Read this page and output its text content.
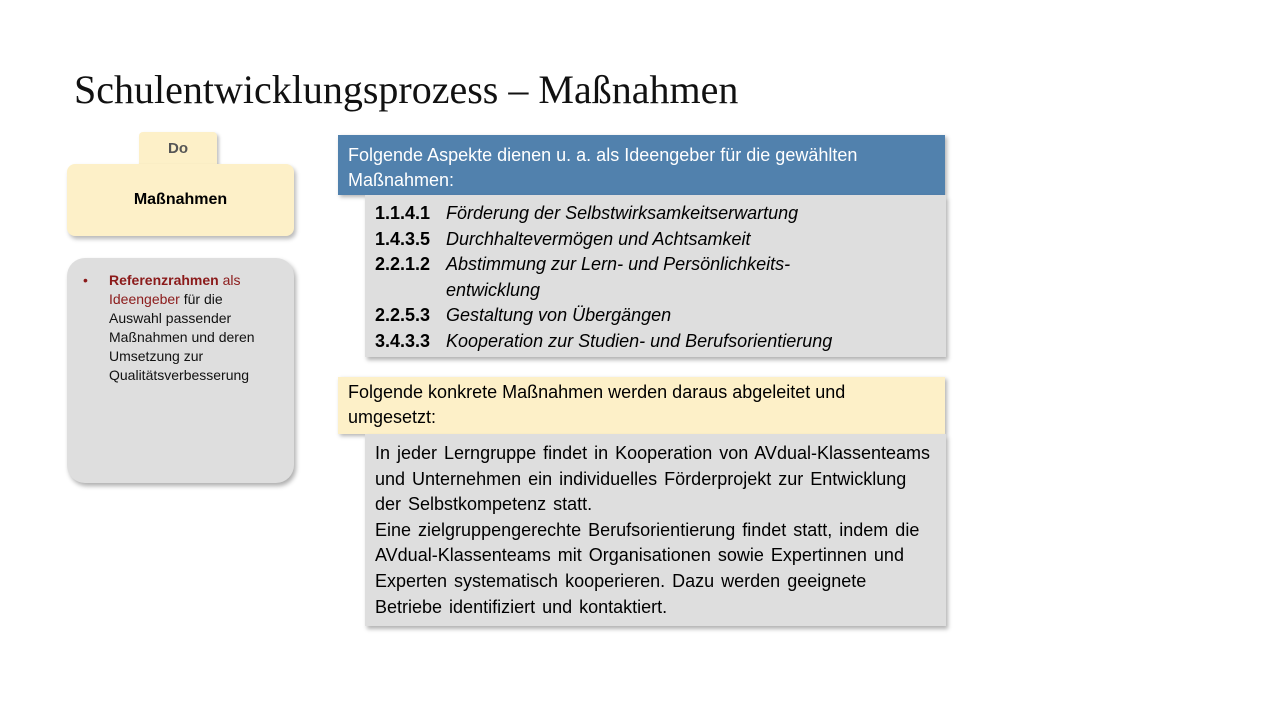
Schulentwicklungsprozess – Maßnahmen
Do
Maßnahmen
•	Referenzrahmen als Ideengeber für die Auswahl passender Maßnahmen und deren Umsetzung zur Qualitätsverbesserung
Folgende Aspekte dienen u. a. als Ideengeber für die gewählten Maßnahmen:
1.1.4.1 Förderung der Selbstwirksamkeitserwartung
1.4.3.5 Durchhaltevermögen und Achtsamkeit
2.2.1.2 Abstimmung zur Lern- und Persönlichkeits-entwicklung
2.2.5.3 Gestaltung von Übergängen
3.4.3.3 Kooperation zur Studien- und Berufsorientierung
Folgende konkrete Maßnahmen werden daraus abgeleitet und umgesetzt:
In jeder Lerngruppe findet in Kooperation von AVdual-Klassenteams und Unternehmen ein individuelles Förderprojekt zur Entwicklung der Selbstkompetenz statt.
Eine zielgruppengerechte Berufsorientierung findet statt, indem die AVdual-Klassenteams mit Organisationen sowie Expertinnen und Experten systematisch kooperieren. Dazu werden geeignete Betriebe identifiziert und kontaktiert.
